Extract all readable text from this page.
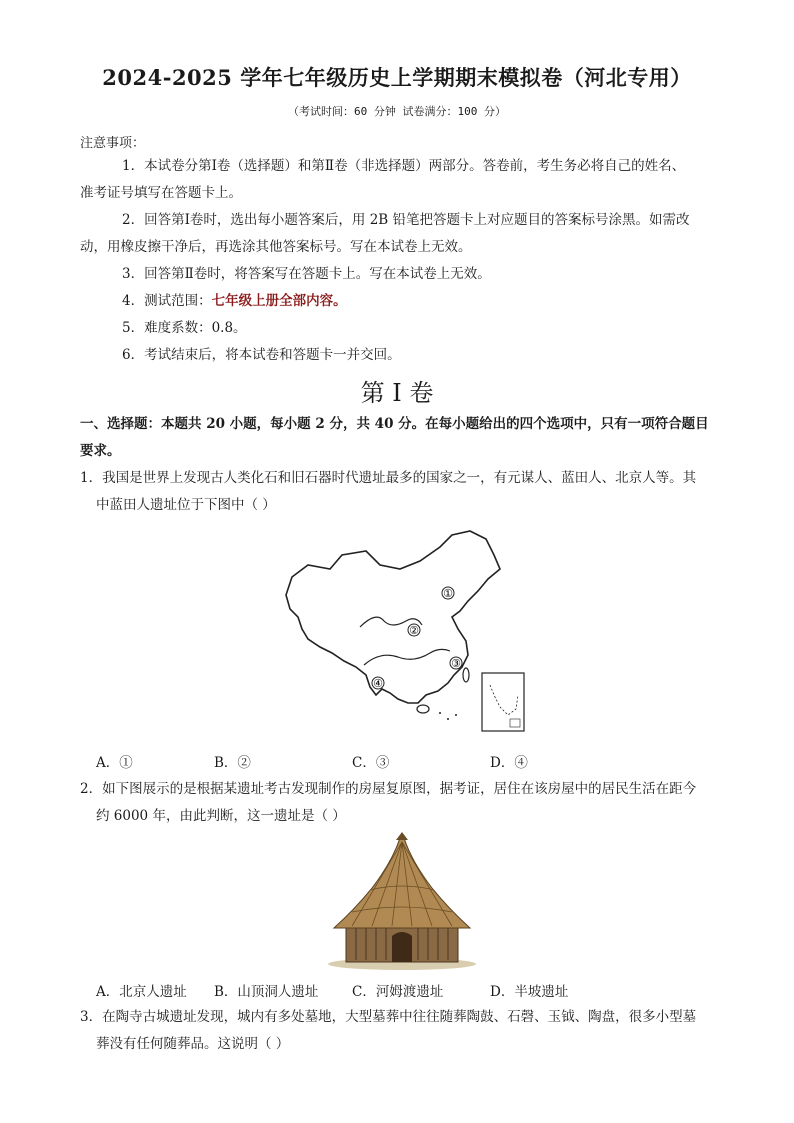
2024-2025 学年七年级历史上学期期末模拟卷（河北专用）
（考试时间：60 分钟 试卷满分：100 分）
注意事项：
1．本试卷分第Ⅰ卷（选择题）和第Ⅱ卷（非选择题）两部分。答卷前，考生务必将自己的姓名、
准考证号填写在答题卡上。
2．回答第Ⅰ卷时，选出每小题答案后，用 2B 铅笔把答题卡上对应题目的答案标号涂黑。如需改
动，用橡皮擦干净后，再选涂其他答案标号。写在本试卷上无效。
3．回答第Ⅱ卷时，将答案写在答题卡上。写在本试卷上无效。
4．测试范围：七年级上册全部内容。
5．难度系数：0.8。
6．考试结束后，将本试卷和答题卡一并交回。
第 I 卷
一、选择题：本题共 20 小题，每小题 2 分，共 40 分。在每小题给出的四个选项中，只有一项符合题目
要求。
1．我国是世界上发现古人类化石和旧石器时代遗址最多的国家之一，有元谋人、蓝田人、北京人等。其
中蓝田人遗址位于下图中（ ）
①
②
③
④
A．①	B．②	C．③	D．④
2．如下图展示的是根据某遗址考古发现制作的房屋复原图，据考证，居住在该房屋中的居民生活在距今
约 6000 年，由此判断，这一遗址是（ ）
A．北京人遗址 B．山顶洞人遗址 C．河姆渡遗址	D．半坡遗址
3．在陶寺古城遗址发现，城内有多处墓地，大型墓葬中往往随葬陶鼓、石磬、玉钺、陶盘，很多小型墓
葬没有任何随葬品。这说明（ ）
